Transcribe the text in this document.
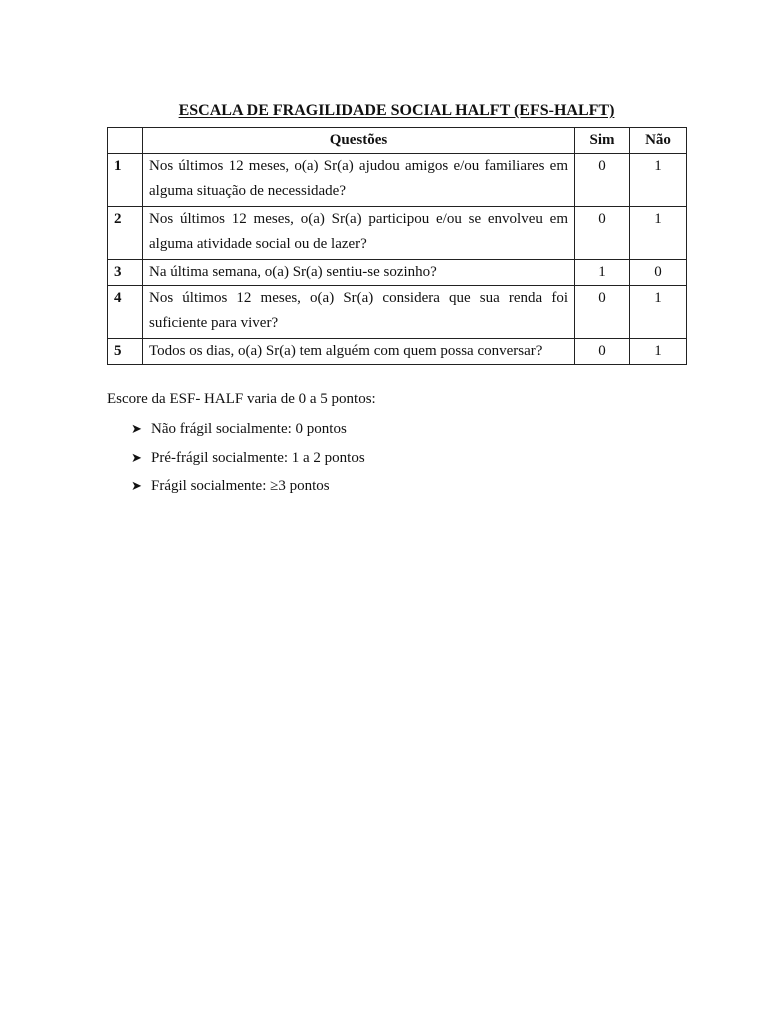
ESCALA DE FRAGILIDADE SOCIAL HALFT (EFS-HALFT)
	Questões	Sim	Não
1	Nos últimos 12 meses, o(a) Sr(a) ajudou amigos e/ou familiares em alguma situação de necessidade?	0	1
2	Nos últimos 12 meses, o(a) Sr(a) participou e/ou se envolveu em alguma atividade social ou de lazer?	0	1
3	Na última semana, o(a) Sr(a) sentiu-se sozinho?	1	0
4	Nos últimos 12 meses, o(a) Sr(a) considera que sua renda foi suficiente para viver?	0	1
5	Todos os dias, o(a) Sr(a) tem alguém com quem possa conversar?	0	1
Escore da ESF- HALF varia de 0 a 5 pontos:
➤ Não frágil socialmente: 0 pontos
➤ Pré-frágil socialmente: 1 a 2 pontos
➤ Frágil socialmente: ≥3 pontos
